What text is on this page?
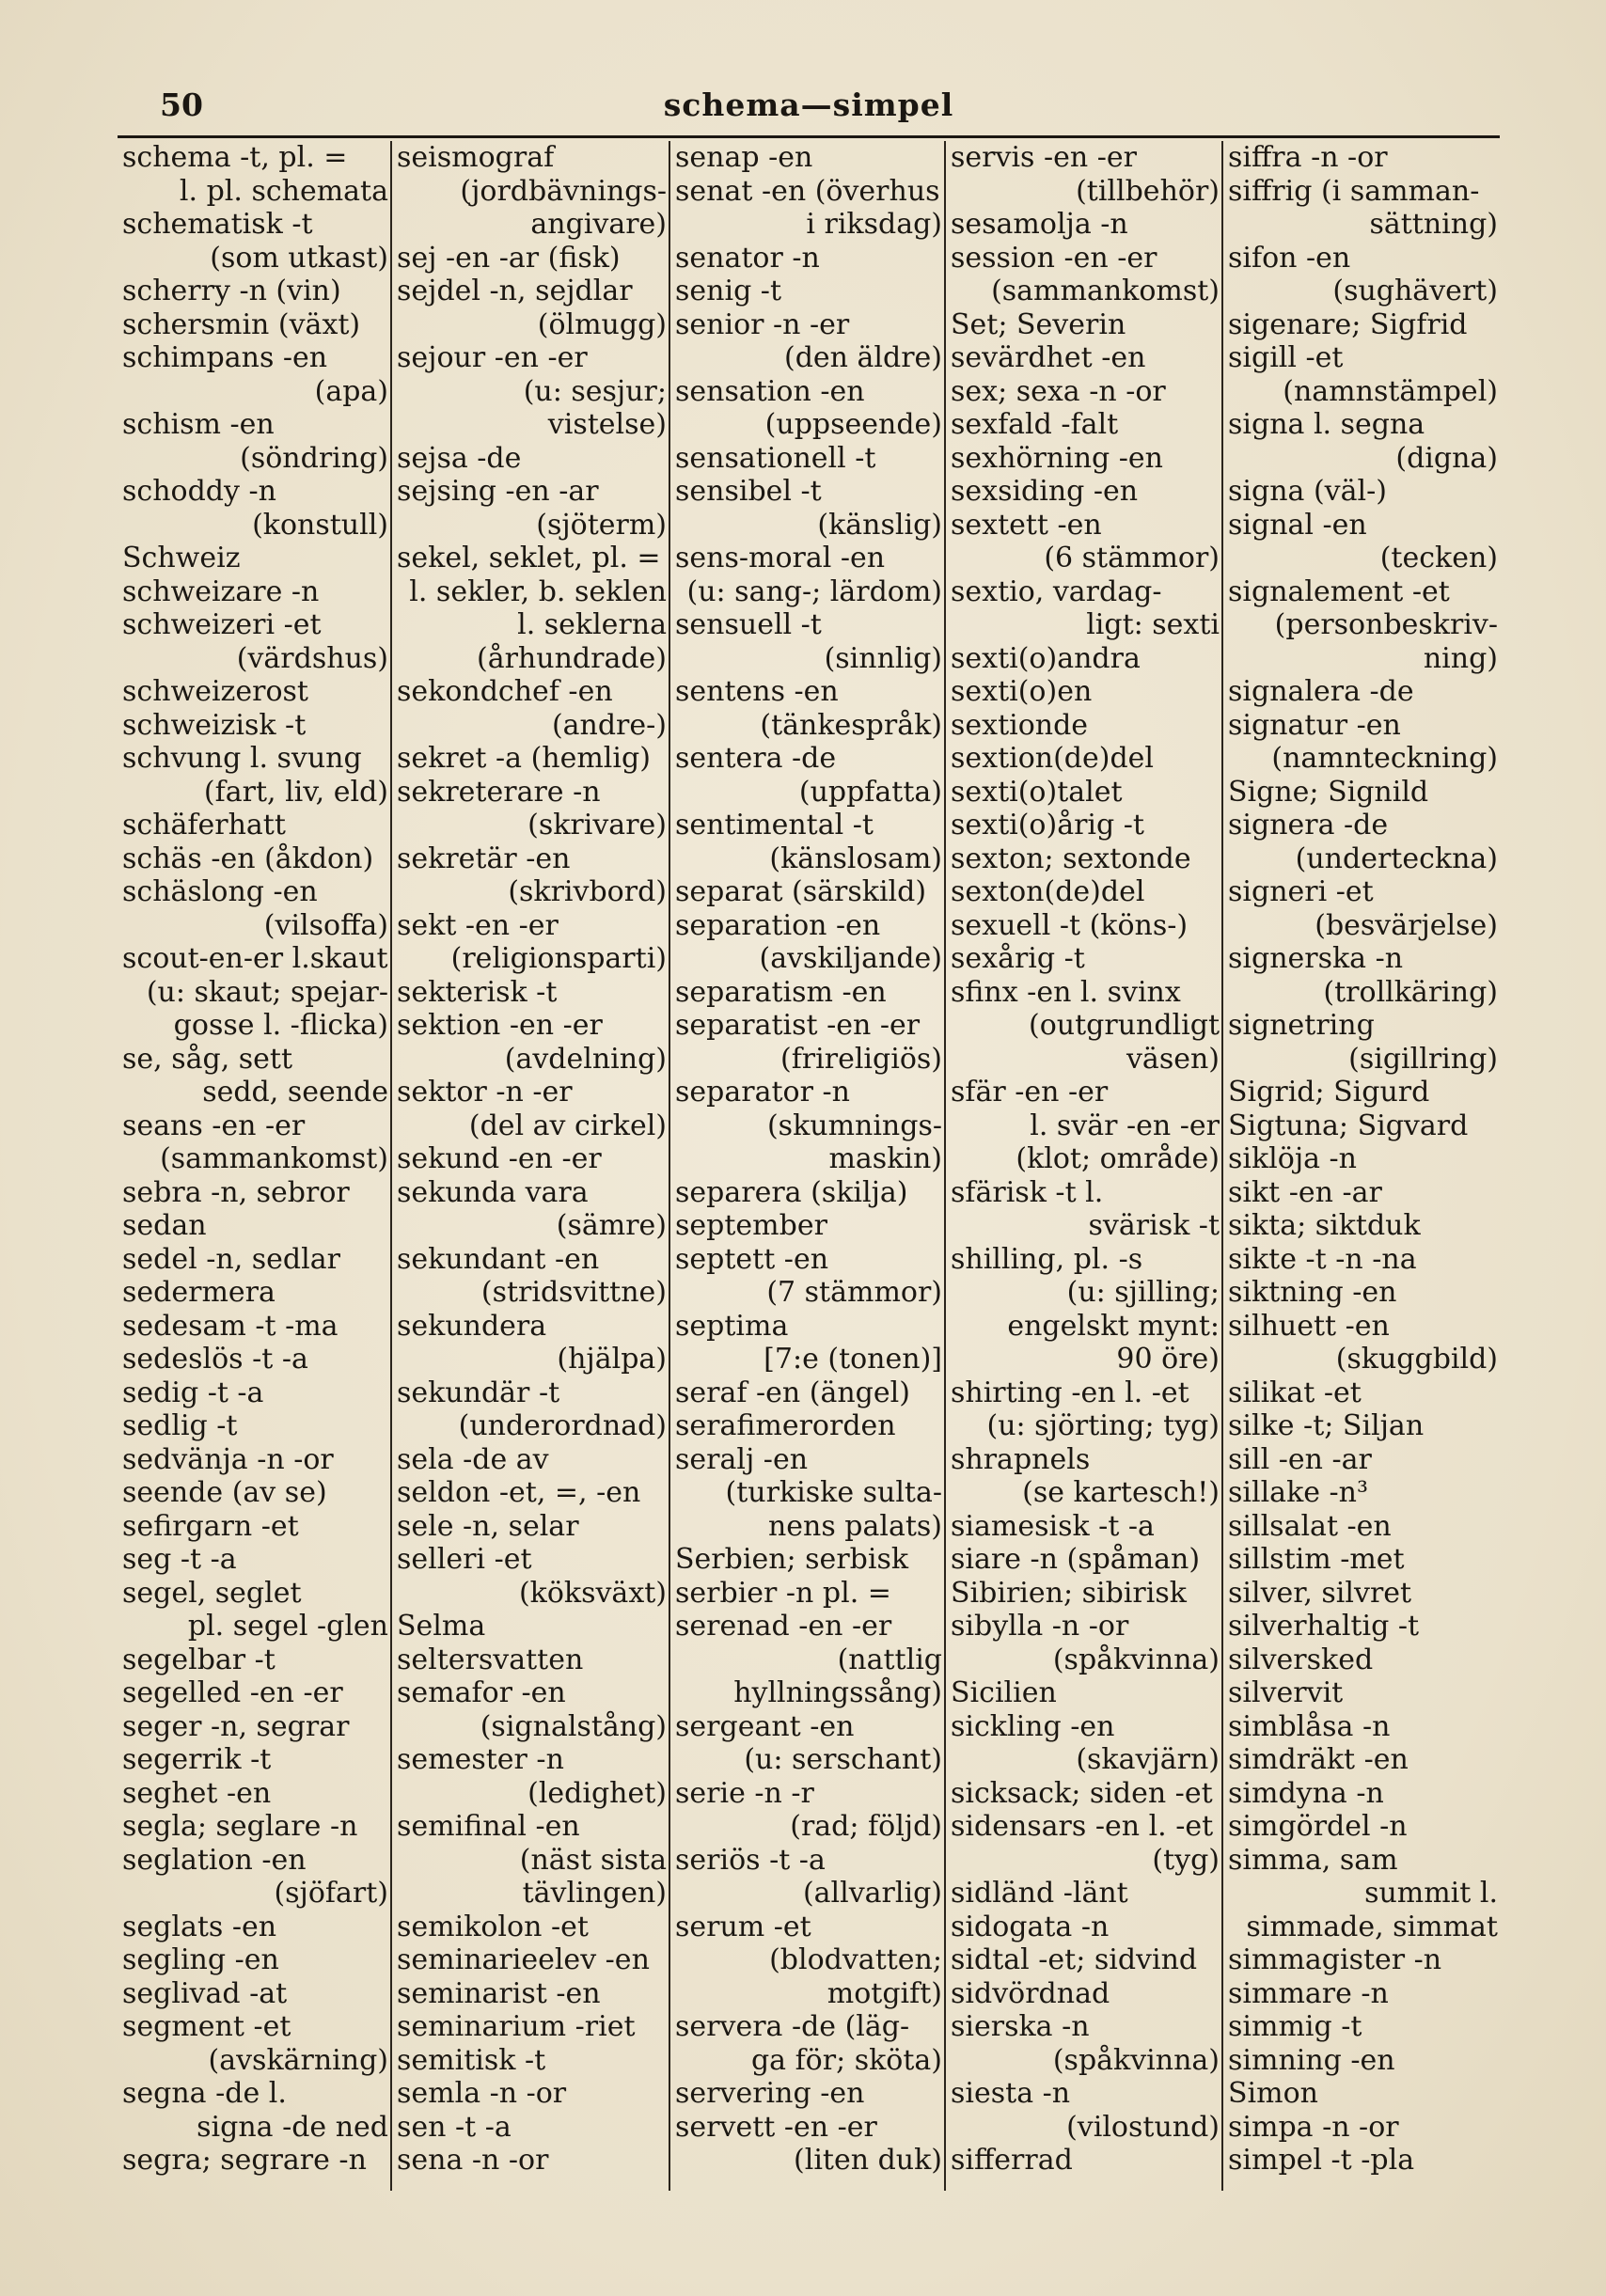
50	schema—simpel
schema -t, pl. =
l. pl. schemata
schematisk -t
(som utkast)
scherry -n (vin)
schersmin (växt)
schimpans -en
(apa)
schism -en
(söndring)
schoddy -n
(konstull)
Schweiz
schweizare -n
schweizeri -et
(värdshus)
schweizerost
schweizisk -t
schvung l. svung
(fart, liv, eld)
schäferhatt
schäs -en (åkdon)
schäslong -en
(vilsoffa)
scout-en-er l.skaut
(u: skaut; spejar-
gosse l. -flicka)
se, såg, sett
sedd, seende
seans -en -er
(sammankomst)
sebra -n, sebror
sedan
sedel -n, sedlar
sedermera
sedesam -t -ma
sedeslös -t -a
sedig -t -a
sedlig -t
sedvänja -n -or
seende (av se)
sefirgarn -et
seg -t -a
segel, seglet
pl. segel -glen
segelbar -t
segelled -en -er
seger -n, segrar
segerrik -t
seghet -en
segla; seglare -n
seglation -en
(sjöfart)
seglats -en
segling -en
seglivad -at
segment -et
(avskärning)
segna -de l.
signa -de ned
segra; segrare -n
seismograf
(jordbävnings-
angivare)
sej -en -ar (fisk)
sejdel -n, sejdlar
(ölmugg)
sejour -en -er
(u: sesjur;
vistelse)
sejsa -de
sejsing -en -ar
(sjöterm)
sekel, seklet, pl. =
l. sekler, b. seklen
l. seklerna
(århundrade)
sekondchef -en
(andre-)
sekret -a (hemlig)
sekreterare -n
(skrivare)
sekretär -en
(skrivbord)
sekt -en -er
(religionsparti)
sekterisk -t
sektion -en -er
(avdelning)
sektor -n -er
(del av cirkel)
sekund -en -er
sekunda vara
(sämre)
sekundant -en
(stridsvittne)
sekundera
(hjälpa)
sekundär -t
(underordnad)
sela -de av
seldon -et, =, -en
sele -n, selar
selleri -et
(köksväxt)
Selma
seltersvatten
semafor -en
(signalstång)
semester -n
(ledighet)
semifinal -en
(näst sista
tävlingen)
semikolon -et
seminarieelev -en
seminarist -en
seminarium -riet
semitisk -t
semla -n -or
sen -t -a
sena -n -or
senap -en
senat -en (överhus
i riksdag)
senator -n
senig -t
senior -n -er
(den äldre)
sensation -en
(uppseende)
sensationell -t
sensibel -t
(känslig)
sens-moral -en
(u: sang-; lärdom)
sensuell -t
(sinnlig)
sentens -en
(tänkespråk)
sentera -de
(uppfatta)
sentimental -t
(känslosam)
separat (särskild)
separation -en
(avskiljande)
separatism -en
separatist -en -er
(frireligiös)
separator -n
(skumnings-
maskin)
separera (skilja)
september
septett -en
(7 stämmor)
septima
[7:e (tonen)]
seraf -en (ängel)
serafimerorden
seralj -en
(turkiske sulta-
nens palats)
Serbien; serbisk
serbier -n pl. =
serenad -en -er
(nattlig
hyllningssång)
sergeant -en
(u: serschant)
serie -n -r
(rad; följd)
seriös -t -a
(allvarlig)
serum -et
(blodvatten;
motgift)
servera -de (läg-
ga för; sköta)
servering -en
servett -en -er
(liten duk)
servis -en -er
(tillbehör)
sesamolja -n
session -en -er
(sammankomst)
Set; Severin
sevärdhet -en
sex; sexa -n -or
sexfald -falt
sexhörning -en
sexsiding -en
sextett -en
(6 stämmor)
sextio, vardag-
ligt: sexti
sexti(o)andra
sexti(o)en
sextionde
sextion(de)del
sexti(o)talet
sexti(o)årig -t
sexton; sextonde
sexton(de)del
sexuell -t (köns-)
sexårig -t
sfinx -en l. svinx
(outgrundligt
väsen)
sfär -en -er
l. svär -en -er
(klot; område)
sfärisk -t l.
svärisk -t
shilling, pl. -s
(u: sjilling;
engelskt mynt:
90 öre)
shirting -en l. -et
(u: sjörting; tyg)
shrapnels
(se kartesch!)
siamesisk -t -a
siare -n (spåman)
Sibirien; sibirisk
sibylla -n -or
(spåkvinna)
Sicilien
sickling -en
(skavjärn)
sicksack; siden -et
sidensars -en l. -et
(tyg)
sidländ -länt
sidogata -n
sidtal -et; sidvind
sidvördnad
sierska -n
(spåkvinna)
siesta -n
(vilostund)
sifferrad
siffra -n -or
siffrig (i samman-
sättning)
sifon -en
(sughävert)
sigenare; Sigfrid
sigill -et
(namnstämpel)
signa l. segna
(digna)
signa (väl-)
signal -en
(tecken)
signalement -et
(personbeskriv-
ning)
signalera -de
signatur -en
(namnteckning)
Signe; Signild
signera -de
(underteckna)
signeri -et
(besvärjelse)
signerska -n
(trollkäring)
signetring
(sigillring)
Sigrid; Sigurd
Sigtuna; Sigvard
siklöja -n
sikt -en -ar
sikta; siktduk
sikte -t -n -na
siktning -en
silhuett -en
(skuggbild)
silikat -et
silke -t; Siljan
sill -en -ar
sillake -n³
sillsalat -en
sillstim -met
silver, silvret
silverhaltig -t
silversked
silvervit
simblåsa -n
simdräkt -en
simdyna -n
simgördel -n
simma, sam
summit l.
simmade, simmat
simmagister -n
simmare -n
simmig -t
simning -en
Simon
simpa -n -or
simpel -t -pla
